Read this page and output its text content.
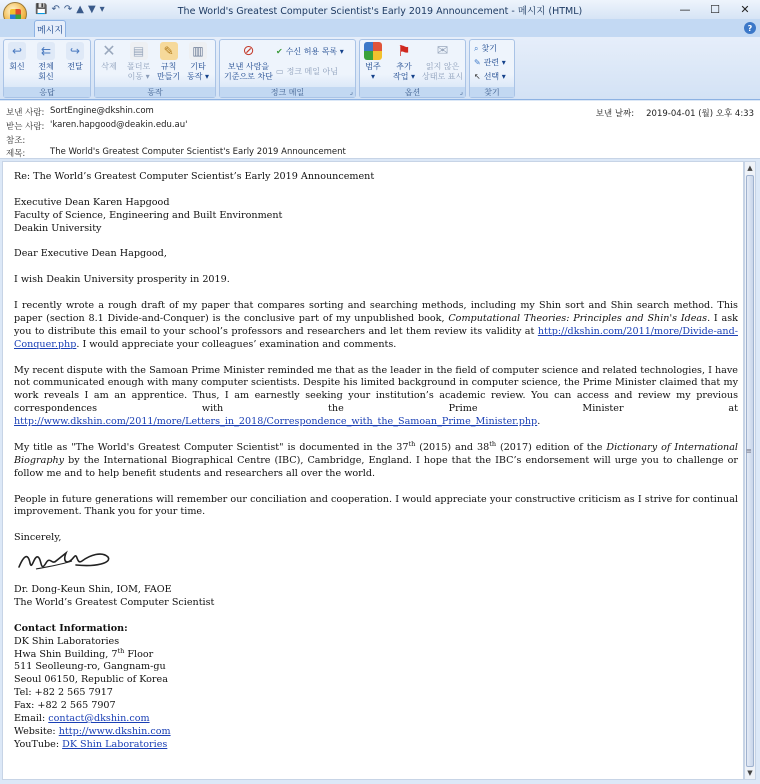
💾 ↶ ↷ ▲ ▼ ▾	The World's Greatest Computer Scientist's Early 2019 Announcement - 메시지 (HTML)	—	☐	✕
메시지	?
↩
회신
⇇
전체
회신
↪
전달
응답
✕
삭제
▤
폴더로
이동 ▾
✎
규칙
만들기
▥
기타
동작 ▾
동작
⊘
보낸 사람을
기준으로 차단
✔ 수신 허용 목록 ▾
▭ 정크 메일 아님
정크 메일	⌟
범주
▾
⚑
추가
작업 ▾
✉
읽지 않은
상태로 표시
옵션	⌟
⌕ 찾기
✎ 관련 ▾
↖ 선택 ▾
찾기
보낸 사람: SortEngine@dkshin.com
받는 사람: 'karen.hapgood@deakin.edu.au'
참조:
제목:	The World's Greatest Computer Scientist's Early 2019 Announcement
보낸 날짜: 2019-04-01 (월) 오후 4:33

Re: The World’s Greatest Computer Scientist’s Early 2019 Announcement

Executive Dean Karen Hapgood
Faculty of Science, Engineering and Built Environment
Deakin University

Dear Executive Dean Hapgood,

I wish Deakin University prosperity in 2019.

I recently wrote a rough draft of my paper that compares sorting and searching methods, including my Shin sort and Shin search method. This paper (section 8.1 Divide-and-Conquer) is the conclusive part of my unpublished book, Computational Theories: Principles and Shin's Ideas. I ask you to distribute this email to your school’s professors and researchers and let them review its validity at http://dkshin.com/2011/more/Divide-and-Conquer.php. I would appreciate your colleagues’ examination and comments.

My recent dispute with the Samoan Prime Minister reminded me that as the leader in the field of computer science and related technologies, I have not communicated enough with many computer scientists. Despite his limited background in computer science, the Prime Minister claimed that my work reveals I am an apprentice. Thus, I am earnestly seeking your institution’s academic review. You can access and review my previous correspondences with the Prime Minister at http://www.dkshin.com/2011/more/Letters_in_2018/Correspondence_with_the_Samoan_Prime_Minister.php.

My title as "The World's Greatest Computer Scientist" is documented in the 37th (2015) and 38th (2017) edition of the Dictionary of International Biography by the International Biographical Centre (IBC), Cambridge, England. I hope that the IBC’s endorsement will urge you to challenge or follow me and to help benefit students and researchers all over the world.

People in future generations will remember our conciliation and cooperation. I would appreciate your constructive criticism as I strive for continual improvement. Thank you for your time.

Sincerely,

Dr. Dong-Keun Shin, IOM, FAOE
The World’s Greatest Computer Scientist

Contact Information:
DK Shin Laboratories
Hwa Shin Building, 7th Floor
511 Seolleung-ro, Gangnam-gu
Seoul 06150, Republic of Korea
Tel: +82 2 565 7917
Fax: +82 2 565 7907
Email: contact@dkshin.com
Website: http://www.dkshin.com
YouTube: DK Shin Laboratories

▲
≡
▼
